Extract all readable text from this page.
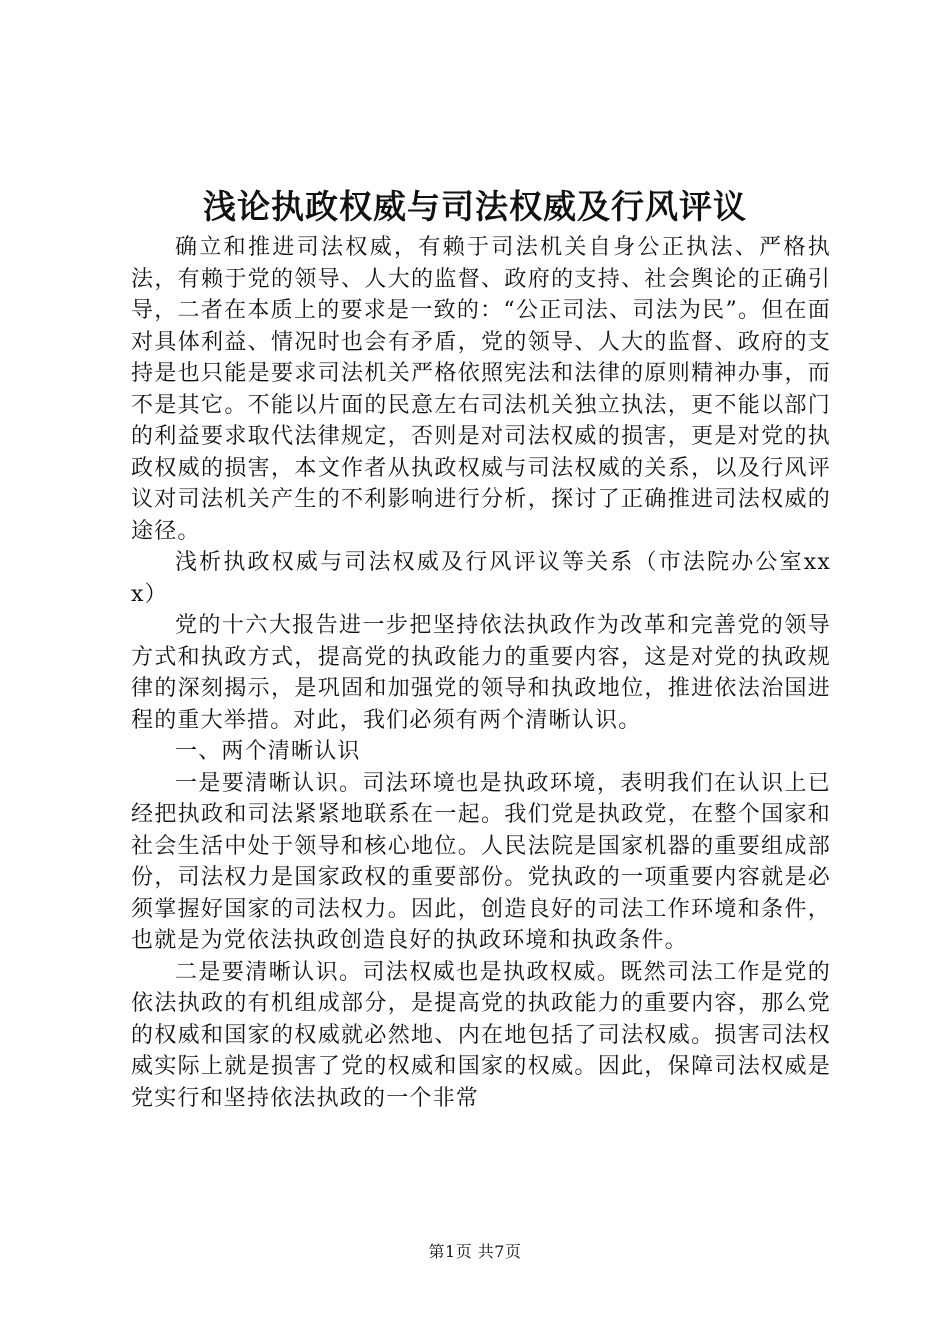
浅论执政权威与司法权威及行风评议

确立和推进司法权威，有赖于司法机关自身公正执法、严格执法，有赖于党的领导、人大的监督、政府的支持、社会舆论的正确引导，二者在本质上的要求是一致的：“公正司法、司法为民”。但在面对具体利益、情况时也会有矛盾，党的领导、人大的监督、政府的支持是也只能是要求司法机关严格依照宪法和法律的原则精神办事，而不是其它。不能以片面的民意左右司法机关独立执法，更不能以部门的利益要求取代法律规定，否则是对司法权威的损害，更是对党的执政权威的损害，本文作者从执政权威与司法权威的关系，以及行风评议对司法机关产生的不利影响进行分析，探讨了正确推进司法权威的途径。

浅析执政权威与司法权威及行风评议等关系（市法院办公室xxx）

党的十六大报告进一步把坚持依法执政作为改革和完善党的领导方式和执政方式，提高党的执政能力的重要内容，这是对党的执政规律的深刻揭示，是巩固和加强党的领导和执政地位，推进依法治国进程的重大举措。对此，我们必须有两个清晰认识。

一、两个清晰认识

一是要清晰认识。司法环境也是执政环境，表明我们在认识上已经把执政和司法紧紧地联系在一起。我们党是执政党，在整个国家和社会生活中处于领导和核心地位。人民法院是国家机器的重要组成部份，司法权力是国家政权的重要部份。党执政的一项重要内容就是必须掌握好国家的司法权力。因此，创造良好的司法工作环境和条件，也就是为党依法执政创造良好的执政环境和执政条件。

二是要清晰认识。司法权威也是执政权威。既然司法工作是党的依法执政的有机组成部分，是提高党的执政能力的重要内容，那么党的权威和国家的权威就必然地、内在地包括了司法权威。损害司法权威实际上就是损害了党的权威和国家的权威。因此，保障司法权威是党实行和坚持依法执政的一个非常

第1页 共7页
